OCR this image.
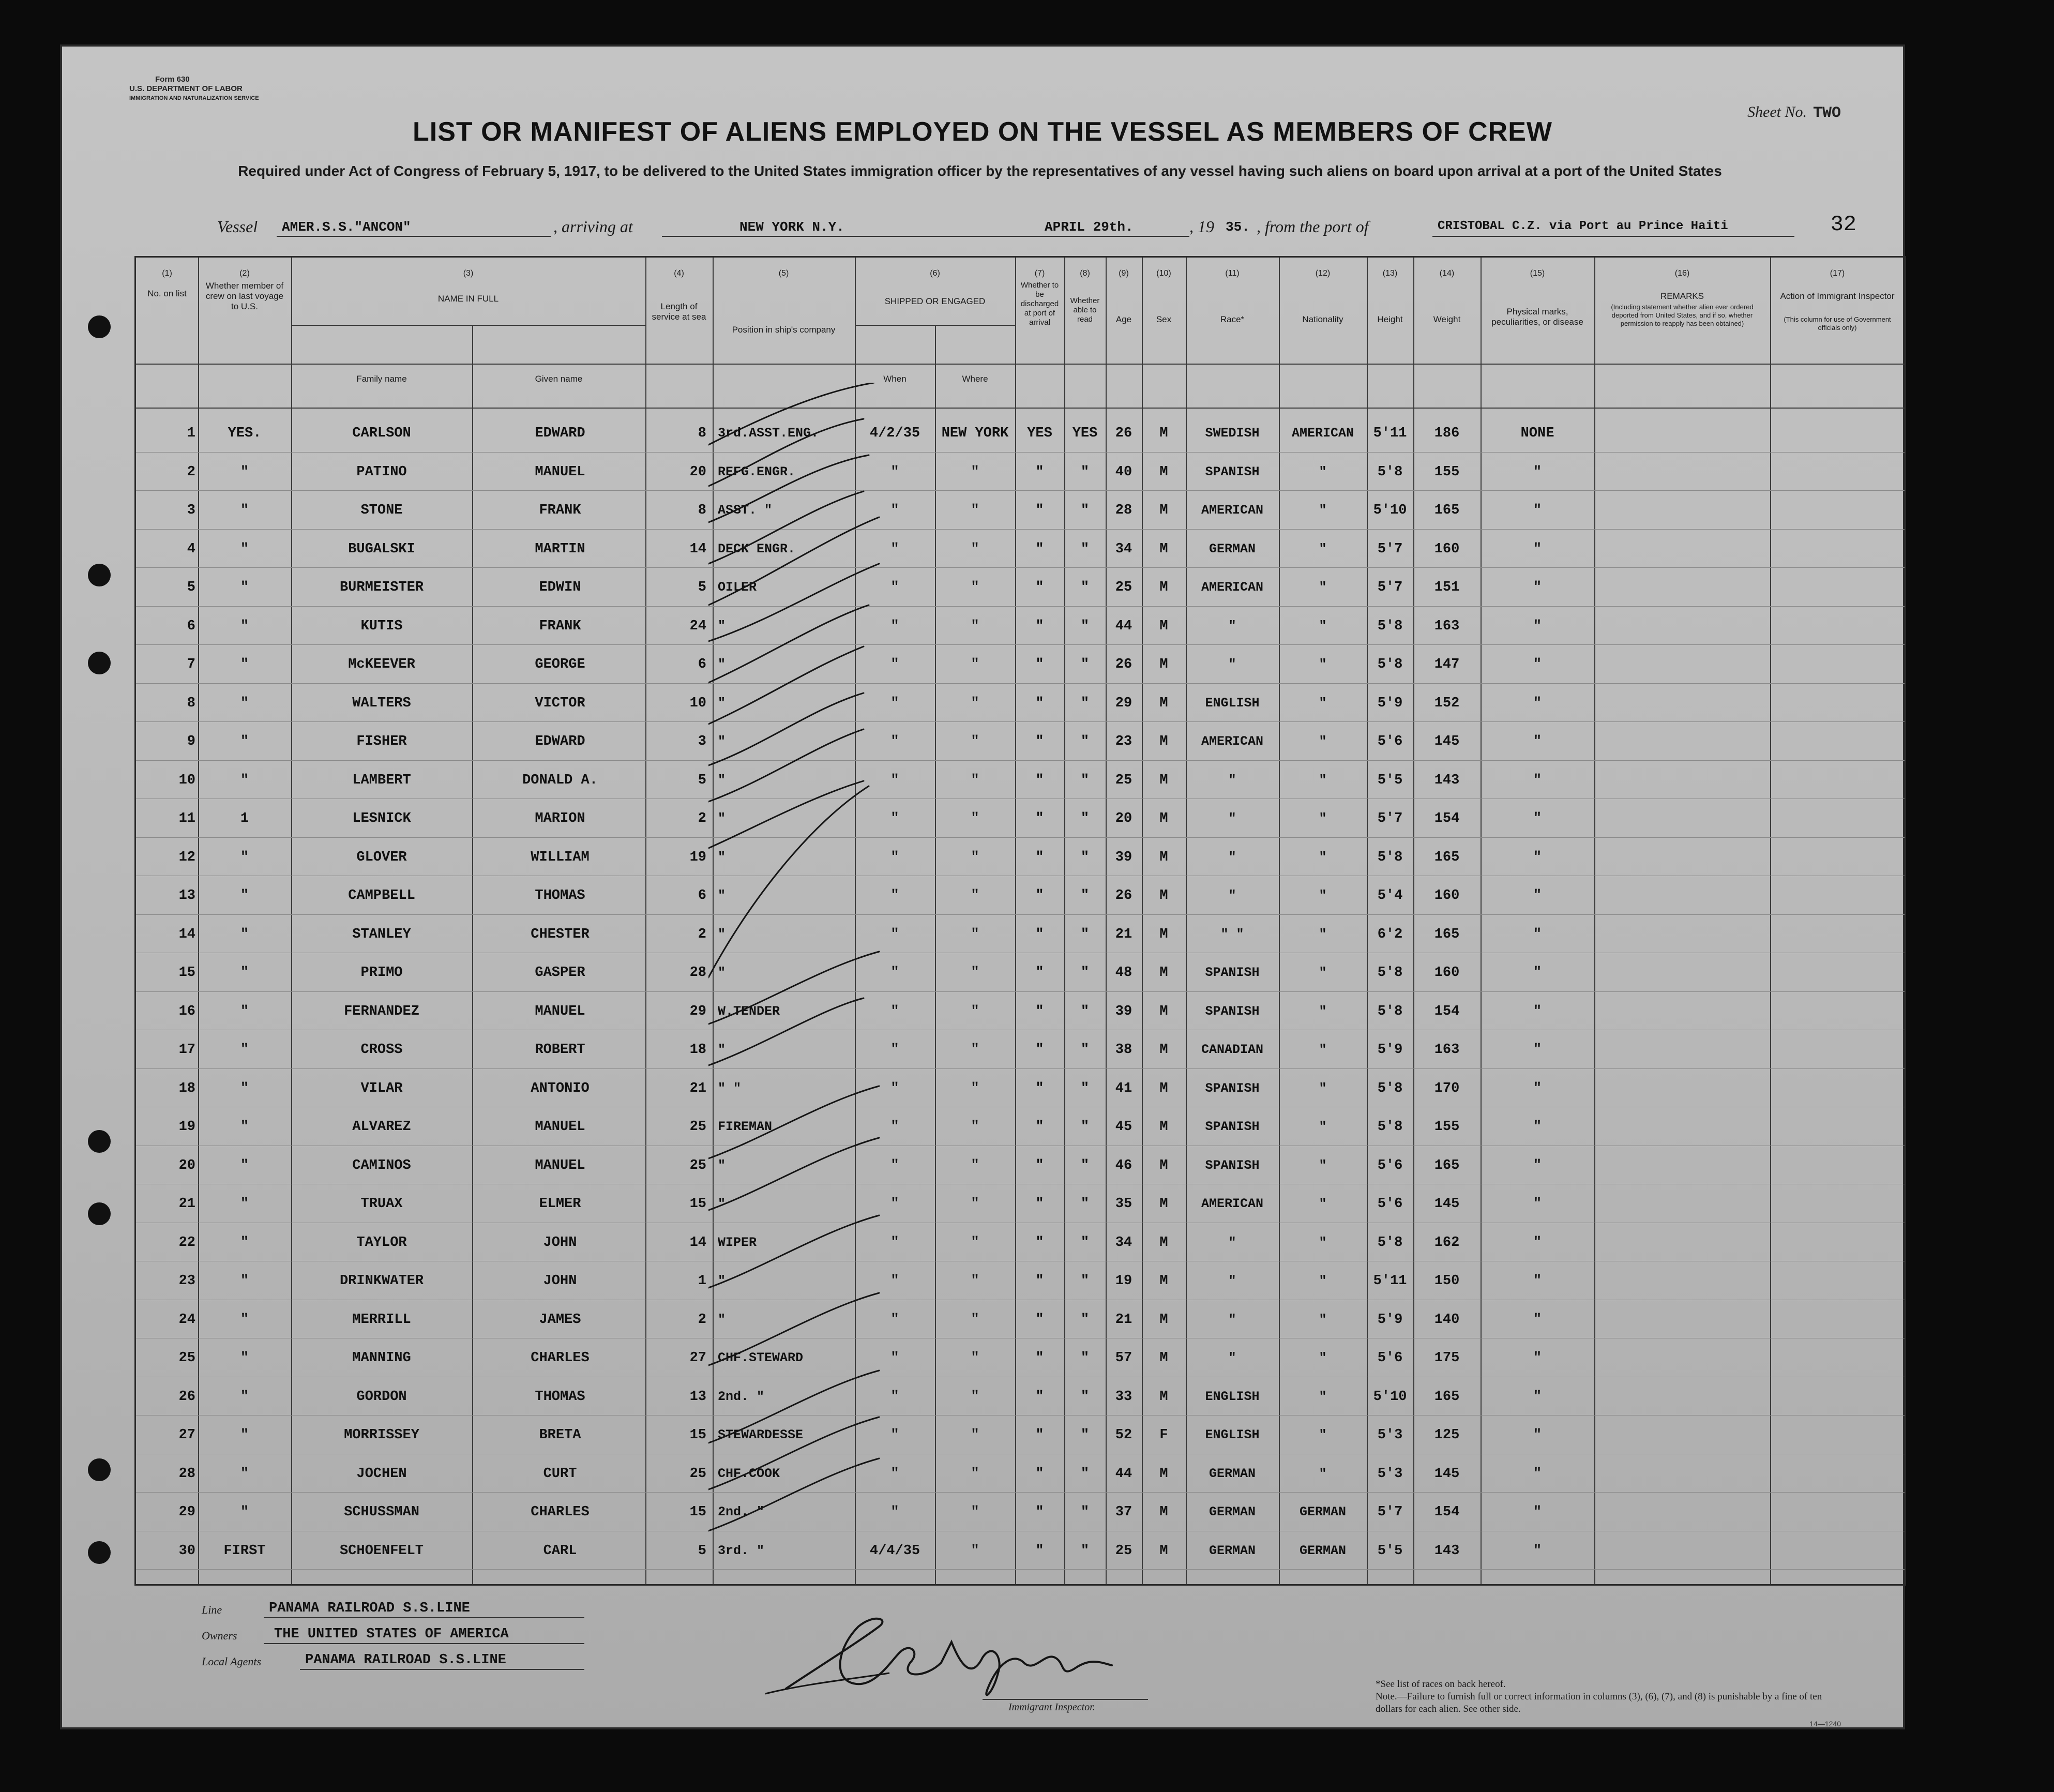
Form 630
U.S. DEPARTMENT OF LABOR
IMMIGRATION AND NATURALIZATION SERVICE
Sheet No. TWO
LIST OR MANIFEST OF ALIENS EMPLOYED ON THE VESSEL AS MEMBERS OF CREW
Required under Act of Congress of February 5, 1917, to be delivered to the United States immigration officer by the representatives of any vessel having such aliens on board upon arrival at a port of the United States
Vessel AMER.S.S."ANCON"	, arriving at	NEW YORK N.Y.	APRIL 29th.	, 19 35. , from the port of	CRISTOBAL C.Z. via Port au Prince Haiti	32
(1)	(2)	(3)	(4)	(5)	(6)	(7)	(8)	(9)	(10)	(11)	(12)	(13)	(14)	(15)	(16)	(17)
No. on list
Whether member of crew on last voyage to U.S.
NAME IN FULL
Family name	Given name
Length of service at sea
Position in ship's company
SHIPPED OR ENGAGED
When	Where
Whether to be discharged at port of arrival
Whether able to read	Age	Sex	Race*	Nationality	Height	Weight
Physical marks, peculiarities, or disease
REMARKS
(Including statement whether alien ever ordered deported from United States, and if so, whether permission to reapply has been obtained)
Action of Immigrant Inspector
(This column for use of Government officials only)
1	YES.	CARLSON	EDWARD	8 3rd.ASST.ENG.	4/2/35	NEW YORK	YES	YES	26	M	SWEDISH	AMERICAN	5'11	186	NONE
2	"	PATINO	MANUEL	20 REFG.ENGR.	"	"	"	"	40	M	SPANISH	"	5'8	155	"
3	"	STONE	FRANK	8 ASST. "	"	"	"	"	28	M	AMERICAN	"	5'10	165	"
4	"	BUGALSKI	MARTIN	14 DECK ENGR.	"	"	"	"	34	M	GERMAN	"	5'7	160	"
5	"	BURMEISTER	EDWIN	5 OILER	"	"	"	"	25	M	AMERICAN	"	5'7	151	"
6	"	KUTIS	FRANK	24 "	"	"	"	"	44	M	"	"	5'8	163	"
7	"	McKEEVER	GEORGE	6 "	"	"	"	"	26	M	"	"	5'8	147	"
8	"	WALTERS	VICTOR	10 "	"	"	"	"	29	M	ENGLISH	"	5'9	152	"
9	"	FISHER	EDWARD	3 "	"	"	"	"	23	M	AMERICAN	"	5'6	145	"
10	"	LAMBERT	DONALD A.	5 "	"	"	"	"	25	M	"	"	5'5	143	"
11	1	LESNICK	MARION	2 "	"	"	"	"	20	M	"	"	5'7	154	"
12	"	GLOVER	WILLIAM	19 "	"	"	"	"	39	M	"	"	5'8	165	"
13	"	CAMPBELL	THOMAS	6 "	"	"	"	"	26	M	"	"	5'4	160	"
14	"	STANLEY	CHESTER	2 "	"	"	"	"	21	M	" "	"	6'2	165	"
15	"	PRIMO	GASPER	28 "	"	"	"	"	48	M	SPANISH	"	5'8	160	"
16	"	FERNANDEZ	MANUEL	29 W.TENDER	"	"	"	"	39	M	SPANISH	"	5'8	154	"
17	"	CROSS	ROBERT	18 "	"	"	"	"	38	M	CANADIAN	"	5'9	163	"
18	"	VILAR	ANTONIO	21 " "	"	"	"	"	41	M	SPANISH	"	5'8	170	"
19	"	ALVAREZ	MANUEL	25 FIREMAN	"	"	"	"	45	M	SPANISH	"	5'8	155	"
20	"	CAMINOS	MANUEL	25 "	"	"	"	"	46	M	SPANISH	"	5'6	165	"
21	"	TRUAX	ELMER	15 "	"	"	"	"	35	M	AMERICAN	"	5'6	145	"
22	"	TAYLOR	JOHN	14 WIPER	"	"	"	"	34	M	"	"	5'8	162	"
23	"	DRINKWATER	JOHN	1 "	"	"	"	"	19	M	"	"	5'11	150	"
24	"	MERRILL	JAMES	2 "	"	"	"	"	21	M	"	"	5'9	140	"
25	"	MANNING	CHARLES	27 CHF.STEWARD	"	"	"	"	57	M	"	"	5'6	175	"
26	"	GORDON	THOMAS	13 2nd. "	"	"	"	"	33	M	ENGLISH	"	5'10	165	"
27	"	MORRISSEY	BRETA	15 STEWARDESSE	"	"	"	"	52	F	ENGLISH	"	5'3	125	"
28	"	JOCHEN	CURT	25 CHF.COOK	"	"	"	"	44	M	GERMAN	"	5'3	145	"
29	"	SCHUSSMAN	CHARLES	15 2nd. "	"	"	"	"	37	M	GERMAN	GERMAN	5'7	154	"
30	FIRST	SCHOENFELT	CARL	5 3rd. "	4/4/35	"	"	"	25	M	GERMAN	GERMAN	5'5	143	"
Line	PANAMA RAILROAD S.S.LINE
Owners	THE UNITED STATES OF AMERICA
Local Agents	PANAMA RAILROAD S.S.LINE
Immigrant Inspector.
*See list of races on back hereof.
Note.—Failure to furnish full or correct information in columns (3), (6), (7), and (8) is punishable by a fine of ten dollars for each alien. See other side.
14—1240
